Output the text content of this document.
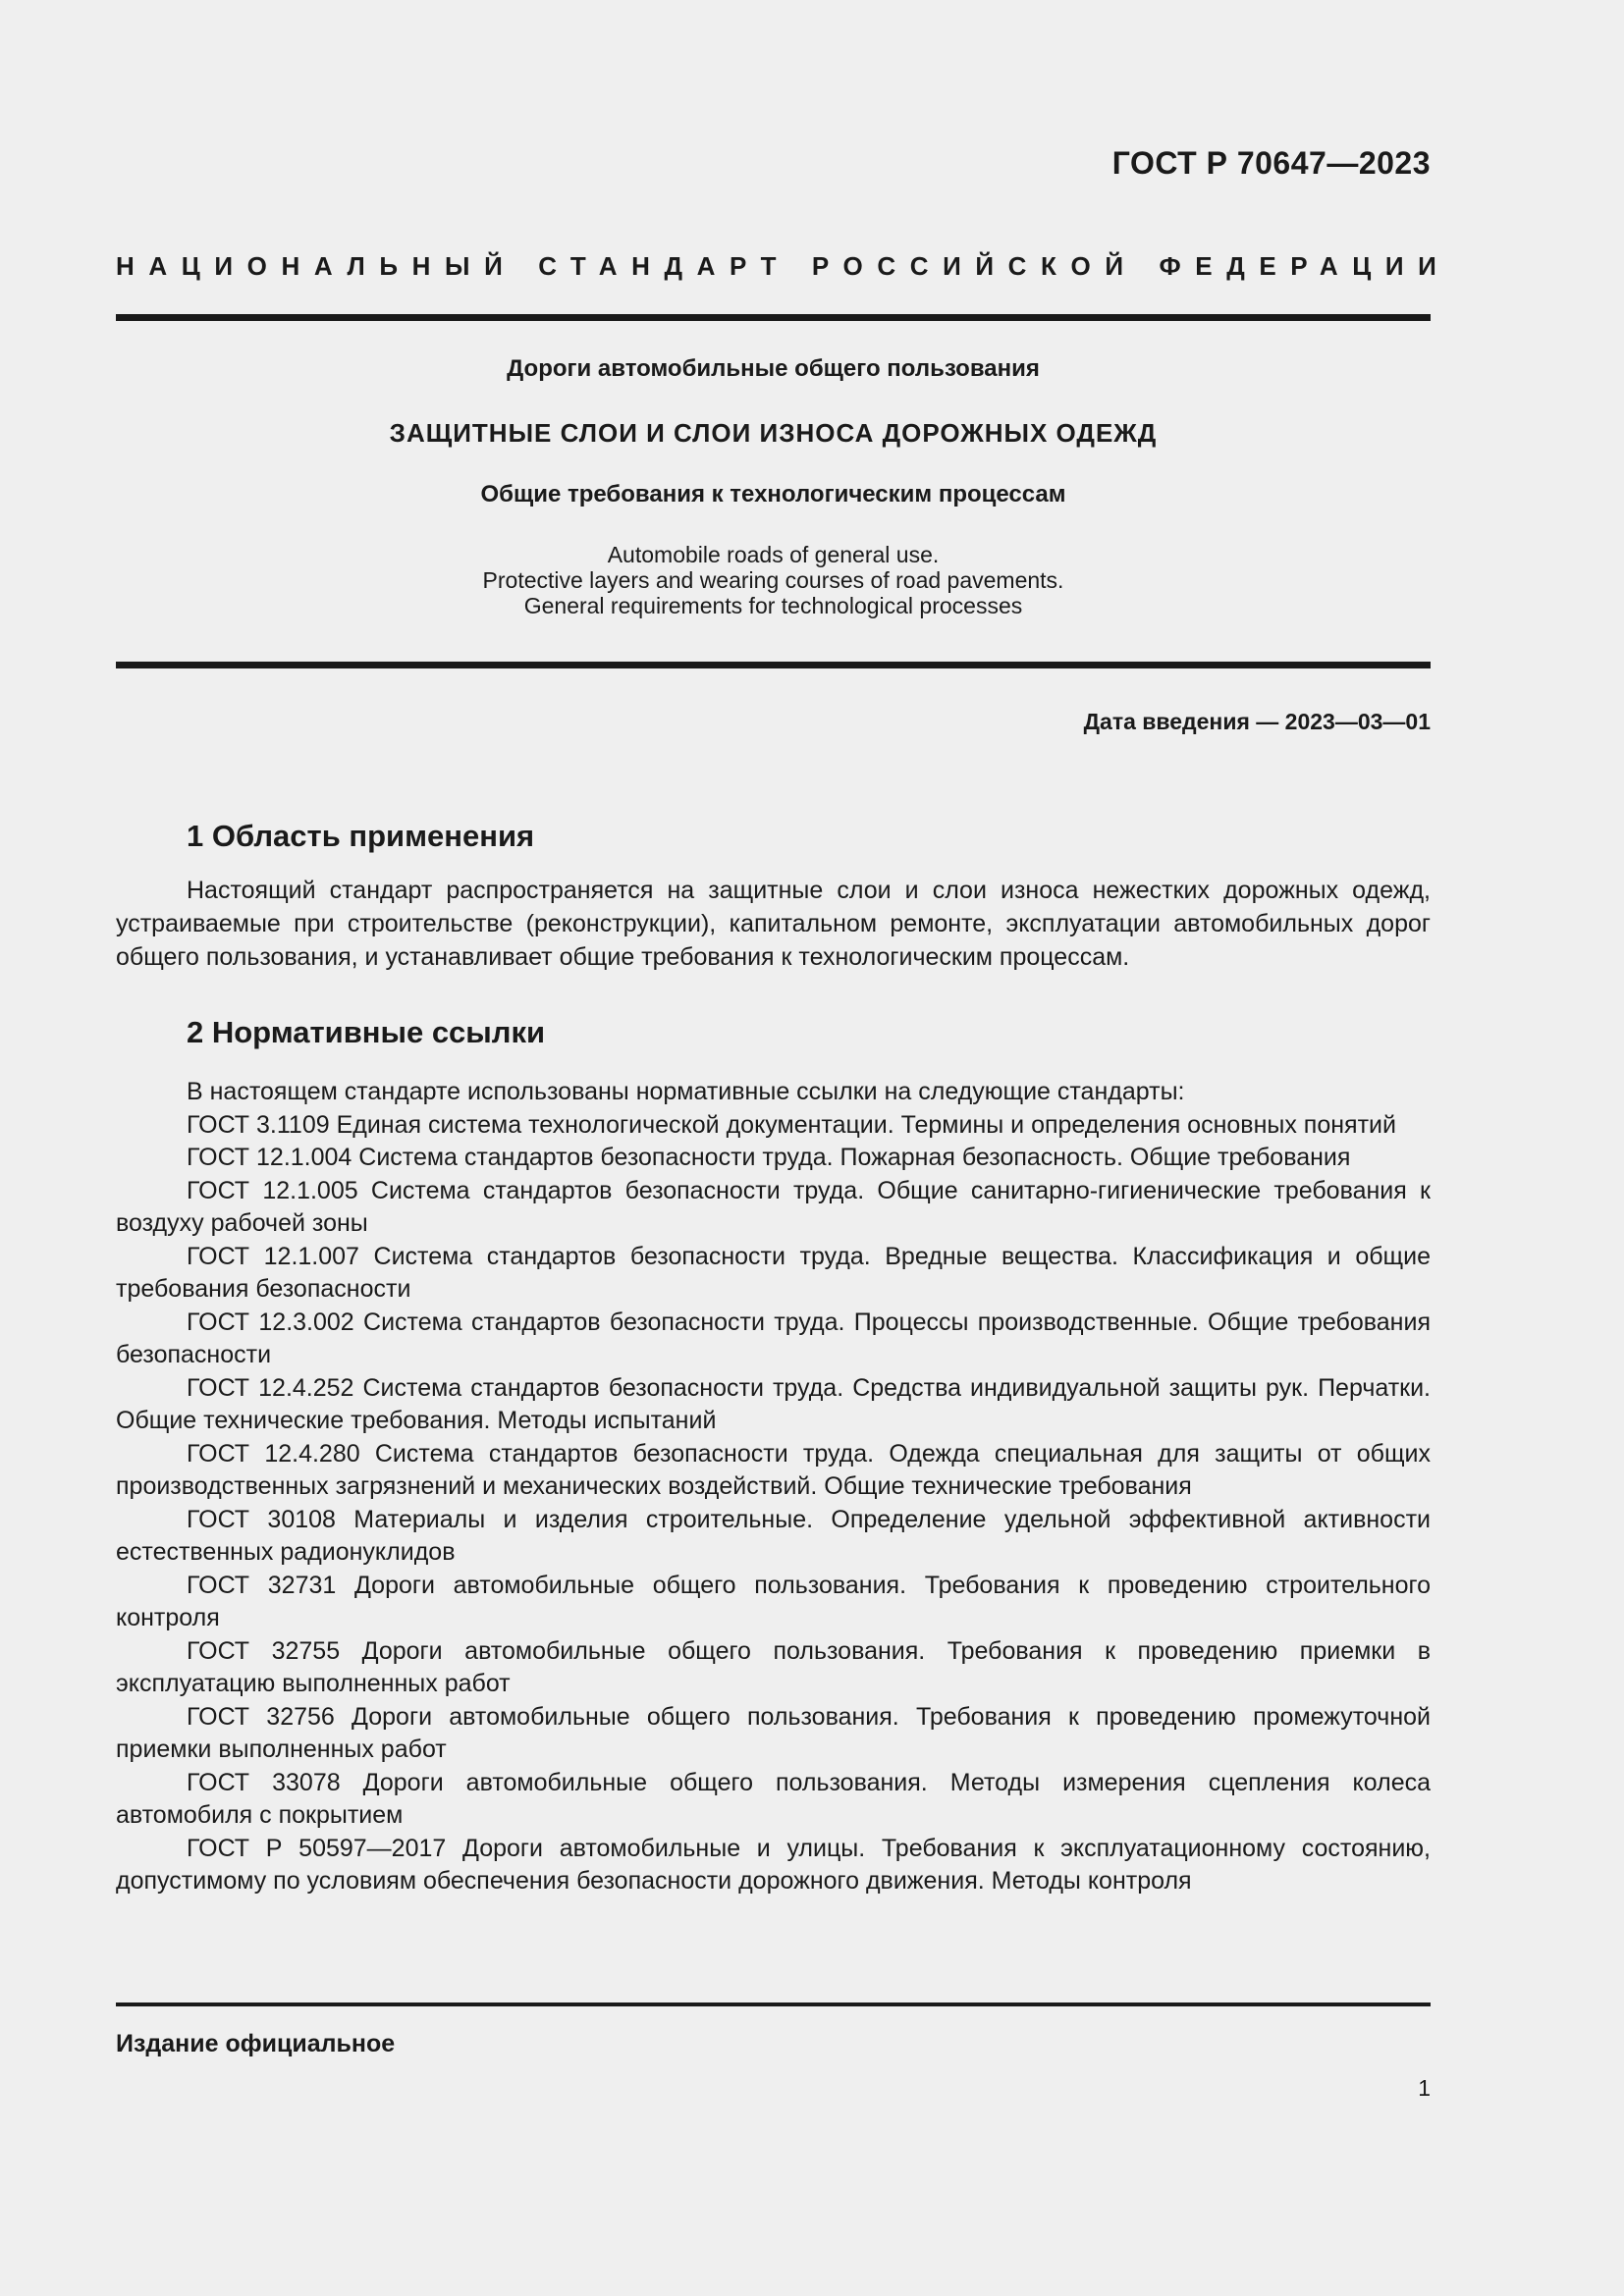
ГОСТ Р 70647—2023
НАЦИОНАЛЬНЫЙ СТАНДАРТ РОССИЙСКОЙ ФЕДЕРАЦИИ
Дороги автомобильные общего пользования
ЗАЩИТНЫЕ СЛОИ И СЛОИ ИЗНОСА ДОРОЖНЫХ ОДЕЖД
Общие требования к технологическим процессам
Automobile roads of general use.
Protective layers and wearing courses of road pavements.
General requirements for technological processes
Дата введения — 2023—03—01
1 Область применения
Настоящий стандарт распространяется на защитные слои и слои износа нежестких дорожных одежд, устраиваемые при строительстве (реконструкции), капитальном ремонте, эксплуатации автомобильных дорог общего пользования, и устанавливает общие требования к технологическим процессам.
2 Нормативные ссылки

В настоящем стандарте использованы нормативные ссылки на следующие стандарты:

ГОСТ 3.1109 Единая система технологической документации. Термины и определения основных понятий

ГОСТ 12.1.004 Система стандартов безопасности труда. Пожарная безопасность. Общие требования

ГОСТ 12.1.005 Система стандартов безопасности труда. Общие санитарно-гигиенические требования к воздуху рабочей зоны

ГОСТ 12.1.007 Система стандартов безопасности труда. Вредные вещества. Классификация и общие требования безопасности

ГОСТ 12.3.002 Система стандартов безопасности труда. Процессы производственные. Общие требования безопасности

ГОСТ 12.4.252 Система стандартов безопасности труда. Средства индивидуальной защиты рук. Перчатки. Общие технические требования. Методы испытаний

ГОСТ 12.4.280 Система стандартов безопасности труда. Одежда специальная для защиты от общих производственных загрязнений и механических воздействий. Общие технические требования

ГОСТ 30108 Материалы и изделия строительные. Определение удельной эффективной активности естественных радионуклидов

ГОСТ 32731 Дороги автомобильные общего пользования. Требования к проведению строительного контроля

ГОСТ 32755 Дороги автомобильные общего пользования. Требования к проведению приемки в эксплуатацию выполненных работ

ГОСТ 32756 Дороги автомобильные общего пользования. Требования к проведению промежуточной приемки выполненных работ

ГОСТ 33078 Дороги автомобильные общего пользования. Методы измерения сцепления колеса автомобиля с покрытием

ГОСТ Р 50597—2017 Дороги автомобильные и улицы. Требования к эксплуатационному состоянию, допустимому по условиям обеспечения безопасности дорожного движения. Методы контроля

Издание официальное
1
